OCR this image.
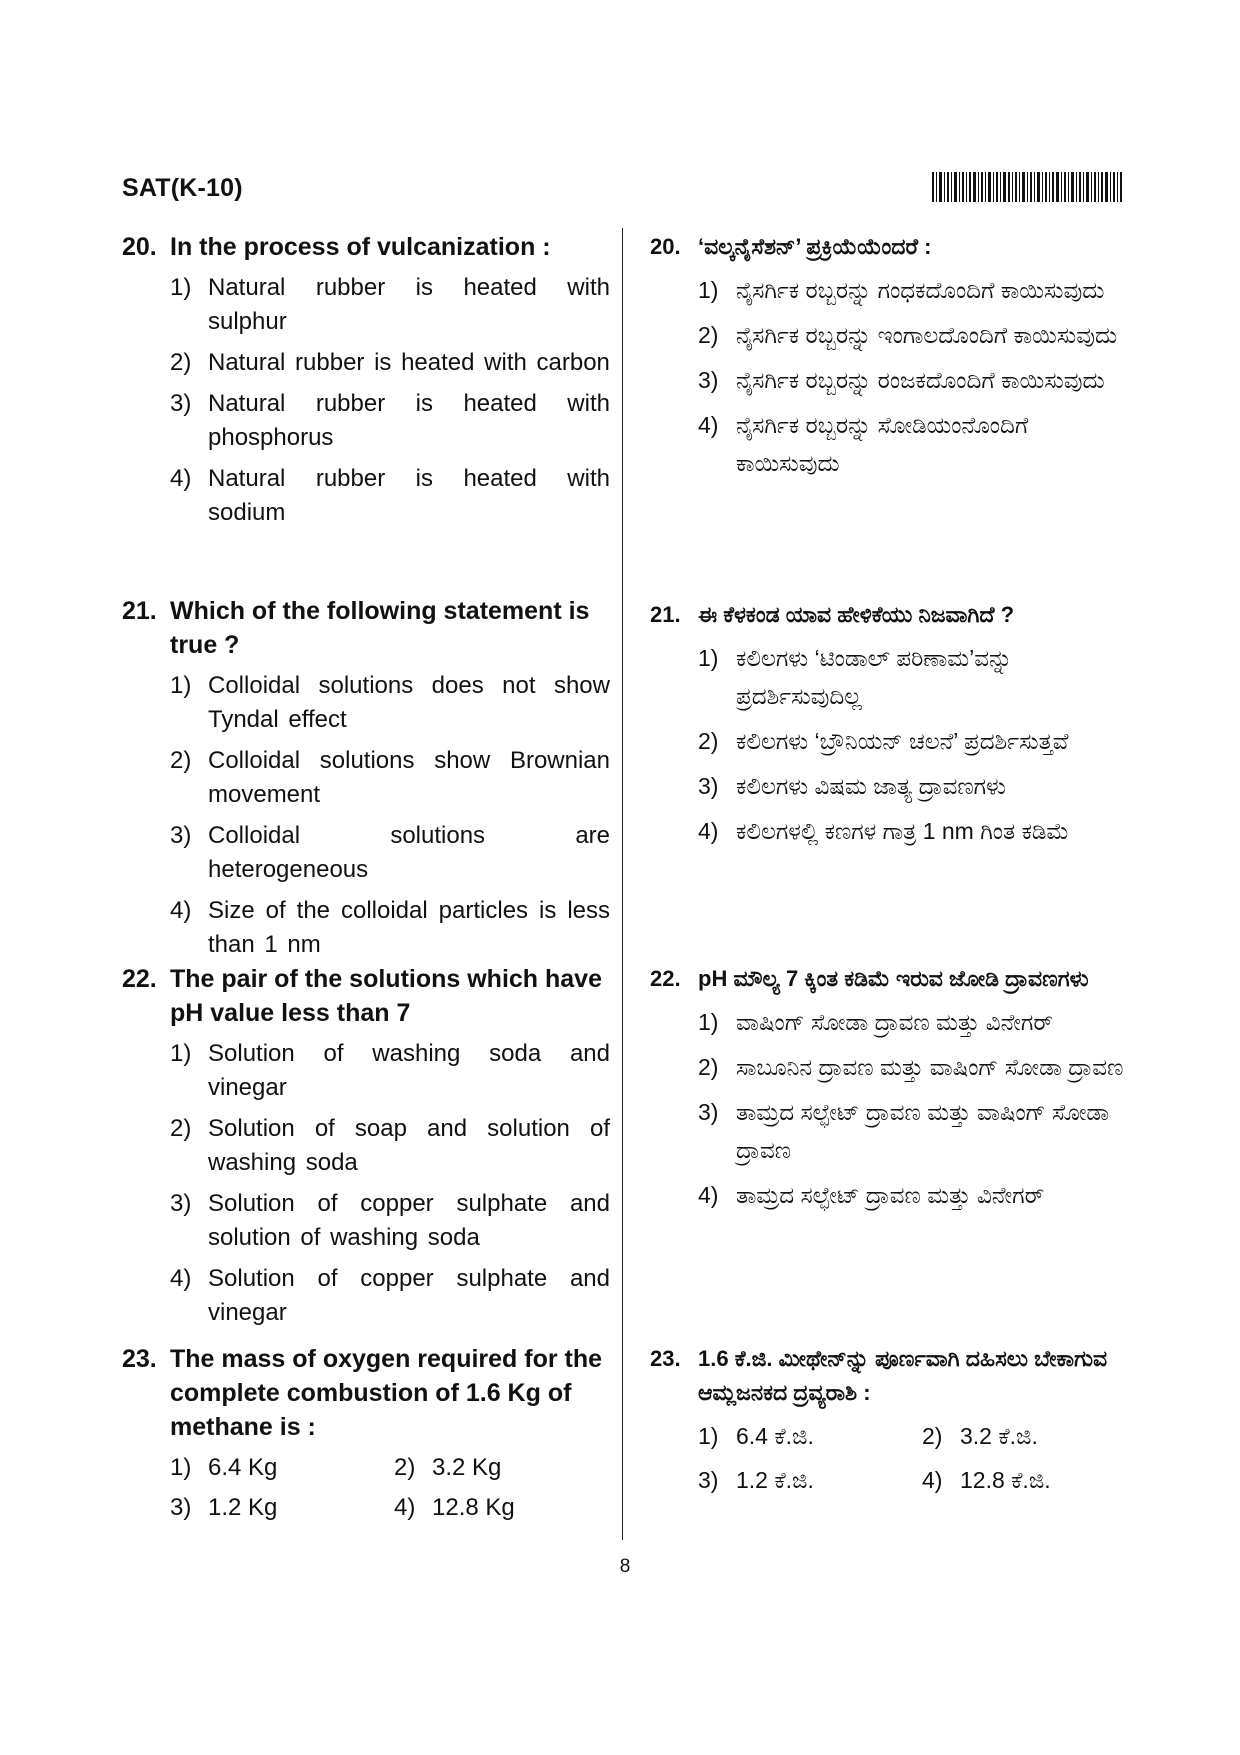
SAT(K-10)
20. In the process of vulcanization :
1) Natural rubber is heated with sulphur
2) Natural rubber is heated with carbon
3) Natural rubber is heated with phosphorus
4) Natural rubber is heated with sodium
21. Which of the following statement is true ?
1) Colloidal solutions does not show Tyndal effect
2) Colloidal solutions show Brownian movement
3) Colloidal solutions are heterogeneous
4) Size of the colloidal particles is less than 1 nm
22. The pair of the solutions which have pH value less than 7
1) Solution of washing soda and vinegar
2) Solution of soap and solution of washing soda
3) Solution of copper sulphate and solution of washing soda
4) Solution of copper sulphate and vinegar
23. The mass of oxygen required for the complete combustion of 1.6 Kg of methane is :
1) 6.4 Kg	2) 3.2 Kg
3) 1.2 Kg	4) 12.8 Kg
20. ‘ವಲ್ಕನೈಸೆಶನ್’ ಪ್ರಕ್ರಿಯೆಯೆಂದರೆ :
1) ನೈಸರ್ಗಿಕ ರಬ್ಬರನ್ನು ಗಂಧಕದೊಂದಿಗೆ ಕಾಯಿಸುವುದು
2) ನೈಸರ್ಗಿಕ ರಬ್ಬರನ್ನು ಇಂಗಾಲದೊಂದಿಗೆ ಕಾಯಿಸುವುದು
3) ನೈಸರ್ಗಿಕ ರಬ್ಬರನ್ನು ರಂಜಕದೊಂದಿಗೆ ಕಾಯಿಸುವುದು
4) ನೈಸರ್ಗಿಕ ರಬ್ಬರನ್ನು ಸೋಡಿಯಂನೊಂದಿಗೆ ಕಾಯಿಸುವುದು
21. ಈ ಕೆಳಕಂಡ ಯಾವ ಹೇಳಿಕೆಯು ನಿಜವಾಗಿದೆ ?
1) ಕಲಿಲಗಳು ‘ಟಿಂಡಾಲ್ ಪರಿಣಾಮ’ವನ್ನು ಪ್ರದರ್ಶಿಸುವುದಿಲ್ಲ
2) ಕಲಿಲಗಳು ‘ಬ್ರೌನಿಯನ್ ಚಲನೆ’ ಪ್ರದರ್ಶಿಸುತ್ತವೆ
3) ಕಲಿಲಗಳು ವಿಷಮ ಜಾತ್ಯ ದ್ರಾವಣಗಳು
4) ಕಲಿಲಗಳಲ್ಲಿ ಕಣಗಳ ಗಾತ್ರ 1 nm ಗಿಂತ ಕಡಿಮೆ
22. pH ಮೌಲ್ಯ 7 ಕ್ಕಿಂತ ಕಡಿಮೆ ಇರುವ ಜೋಡಿ ದ್ರಾವಣಗಳು
1) ವಾಷಿಂಗ್ ಸೋಡಾ ದ್ರಾವಣ ಮತ್ತು ವಿನೇಗರ್
2) ಸಾಬೂನಿನ ದ್ರಾವಣ ಮತ್ತು ವಾಷಿಂಗ್ ಸೋಡಾ ದ್ರಾವಣ
3) ತಾಮ್ರದ ಸಲ್ಫೇಟ್ ದ್ರಾವಣ ಮತ್ತು ವಾಷಿಂಗ್ ಸೋಡಾ ದ್ರಾವಣ
4) ತಾಮ್ರದ ಸಲ್ಫೇಟ್ ದ್ರಾವಣ ಮತ್ತು ವಿನೇಗರ್
23. 1.6 ಕೆ.ಜಿ. ಮೀಥೇನ್‌ನ್ನು ಪೂರ್ಣವಾಗಿ ದಹಿಸಲು ಬೇಕಾಗುವ ಆಮ್ಲಜನಕದ ದ್ರವ್ಯರಾಶಿ :
1) 6.4 ಕೆ.ಜಿ.	2) 3.2 ಕೆ.ಜಿ.
3) 1.2 ಕೆ.ಜಿ.	4) 12.8 ಕೆ.ಜಿ.
8
